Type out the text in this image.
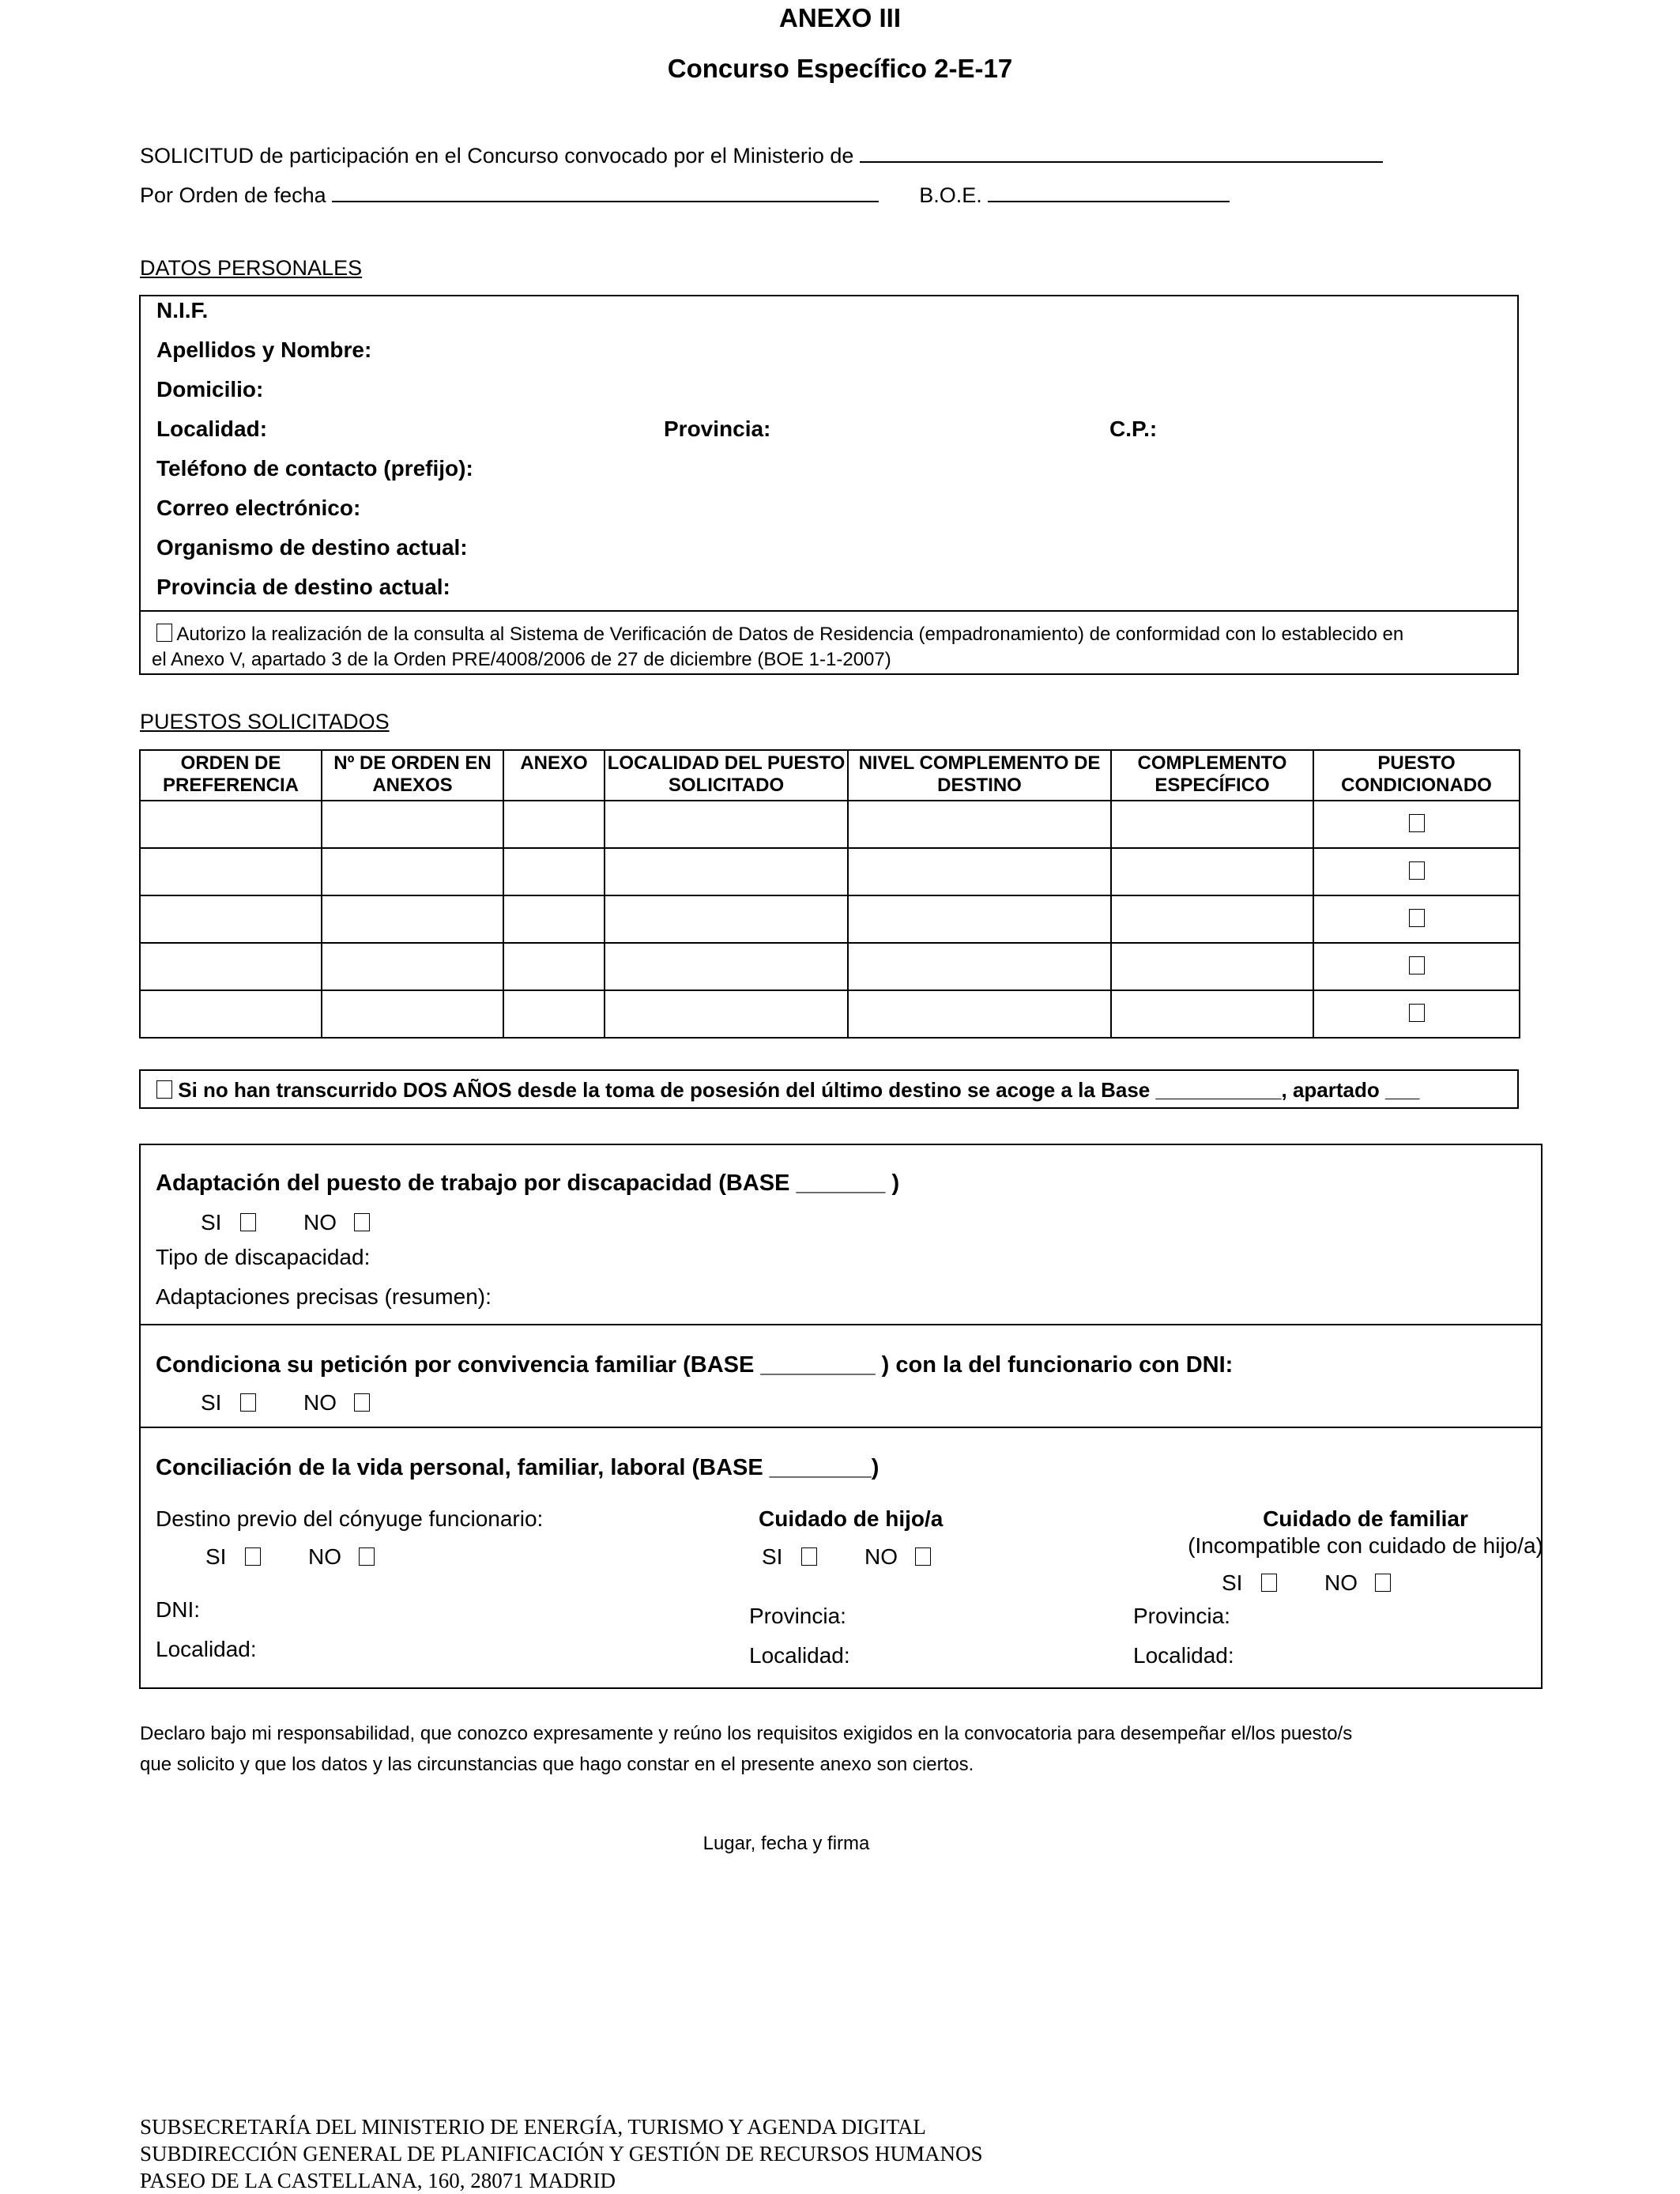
ANEXO III
Concurso Específico 2-E-17
SOLICITUD de participación en el Concurso convocado por el Ministerio de
Por Orden de fecha	B.O.E.
DATOS PERSONALES
N.I.F.
Apellidos y Nombre:
Domicilio:
Localidad:	Provincia:	C.P.:
Teléfono de contacto (prefijo):
Correo electrónico:
Organismo de destino actual:
Provincia de destino actual:
Autorizo la realización de la consulta al Sistema de Verificación de Datos de Residencia (empadronamiento) de conformidad con lo establecido en
el Anexo V, apartado 3 de la Orden PRE/4008/2006 de 27 de diciembre (BOE 1-1-2007)
PUESTOS SOLICITADOS
ORDEN DE PREFERENCIA	Nº DE ORDEN EN ANEXOS	ANEXO	LOCALIDAD DEL PUESTO SOLICITADO	NIVEL COMPLEMENTO DE DESTINO	COMPLEMENTO ESPECÍFICO	PUESTO CONDICIONADO

Si no han transcurrido DOS AÑOS desde la toma de posesión del último destino se acoge a la Base ___________, apartado ___
Adaptación del puesto de trabajo por discapacidad (BASE _______ )
SI	NO
Tipo de discapacidad:
Adaptaciones precisas (resumen):
Condiciona su petición por convivencia familiar (BASE _________ ) con la del funcionario con DNI:
SI	NO
Conciliación de la vida personal, familiar, laboral (BASE ________)
Destino previo del cónyuge funcionario:
SI	NO
DNI:
Localidad:
Cuidado de hijo/a
SI	NO
Provincia:
Localidad:
Cuidado de familiar
(Incompatible con cuidado de hijo/a)
SI	NO
Provincia:
Localidad:
Declaro bajo mi responsabilidad, que conozco expresamente y reúno los requisitos exigidos en la convocatoria para desempeñar el/los puesto/s
que solicito y que los datos y las circunstancias que hago constar en el presente anexo son ciertos.
Lugar, fecha y firma
SUBSECRETARÍA DEL MINISTERIO DE ENERGÍA, TURISMO Y AGENDA DIGITAL
SUBDIRECCIÓN GENERAL DE PLANIFICACIÓN Y GESTIÓN DE RECURSOS HUMANOS
PASEO DE LA CASTELLANA, 160, 28071 MADRID
